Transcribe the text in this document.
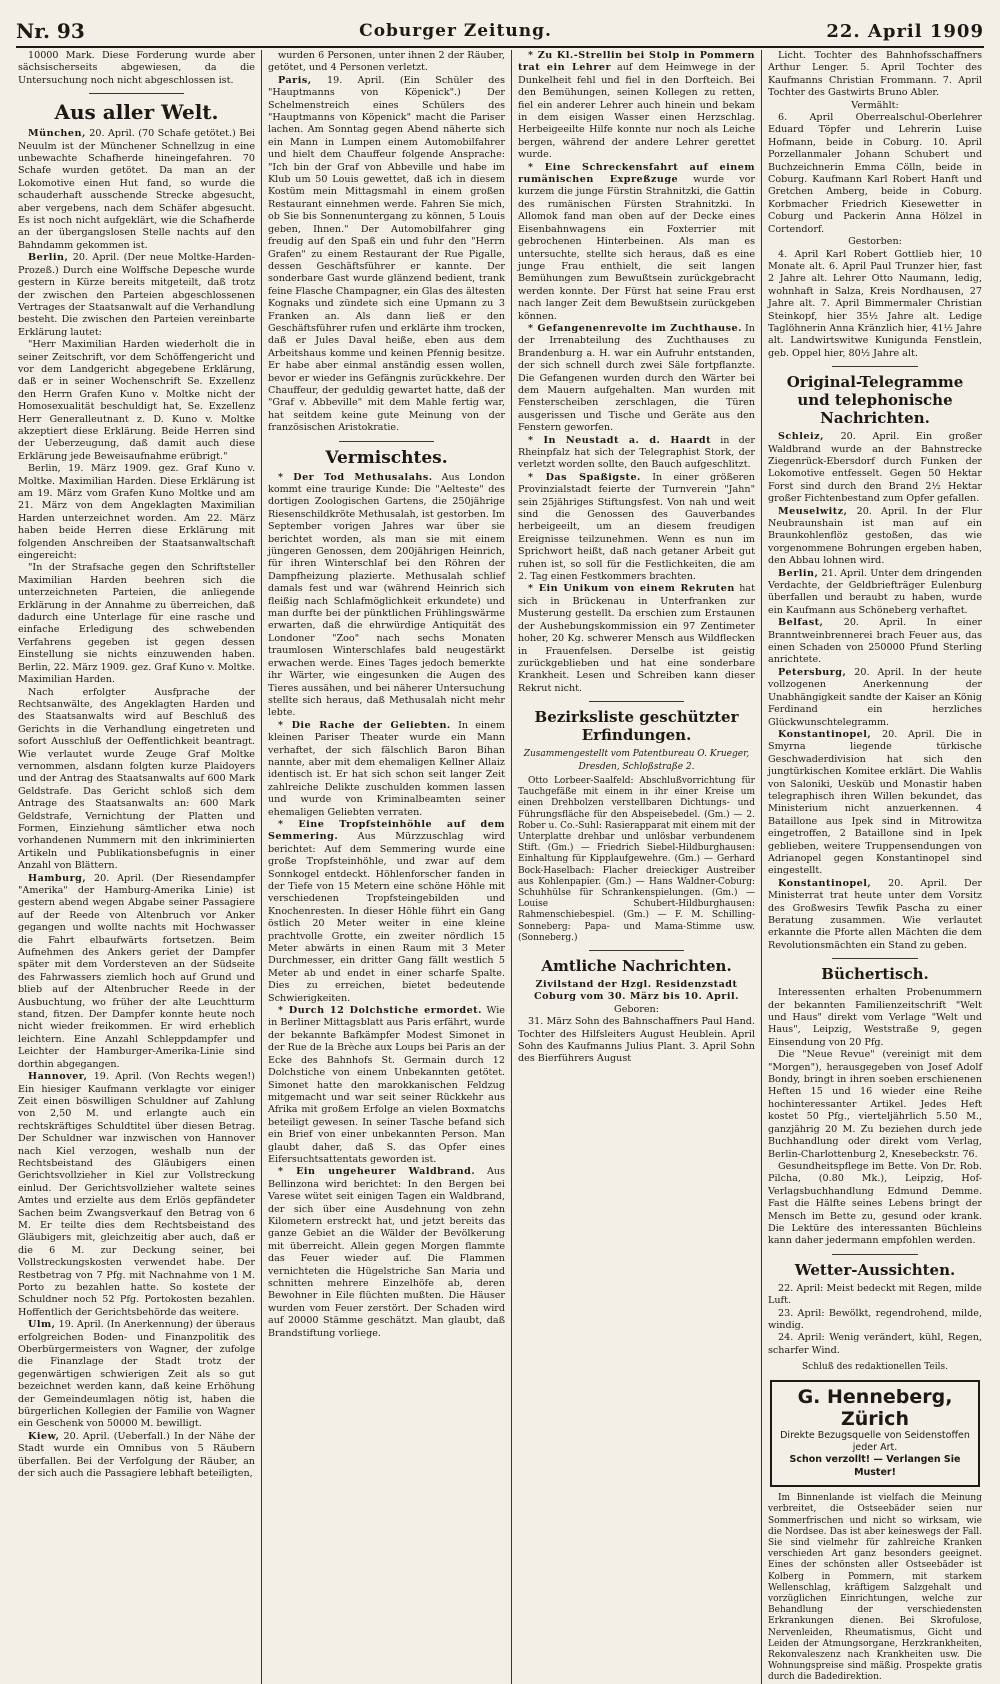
Nr. 93	Coburger Zeitung.	22. April 1909

10000 Mark. Diese Forderung wurde aber sächsischerseits abgewiesen, da die Untersuchung noch nicht abgeschlossen ist.

Aus aller Welt.

München, 20. April. (70 Schafe getötet.) Bei Neuulm ist der Münchener Schnellzug in eine unbewachte Schafherde hineingefahren. 70 Schafe wurden getötet. Da man an der Lokomotive einen Hut fand, so wurde die schauderhaft ausschende Strecke abgesucht, aber vergebens, nach dem Schäfer abgesucht. Es ist noch nicht aufgeklärt, wie die Schafherde an der übergangslosen Stelle nachts auf den Bahndamm gekommen ist.

Berlin, 20. April. (Der neue Moltke-Harden-Prozeß.) Durch eine Wolffsche Depesche wurde gestern in Kürze bereits mitgeteilt, daß trotz der zwischen den Parteien abgeschlossenen Vertrages der Staatsanwalt auf die Verhandlung besteht. Die zwischen den Parteien vereinbarte Erklärung lautet:

"Herr Maximilian Harden wiederholt die in seiner Zeitschrift, vor dem Schöffengericht und vor dem Landgericht abgegebene Erklärung, daß er in seiner Wochenschrift Se. Exzellenz den Herrn Grafen Kuno v. Moltke nicht der Homosexualität beschuldigt hat, Se. Exzellenz Herr Generalleutnant z. D. Kuno v. Moltke akzeptiert diese Erklärung. Beide Herren sind der Ueberzeugung, daß damit auch diese Erklärung jede Beweisaufnahme erübrigt."

Berlin, 19. März 1909. gez. Graf Kuno v. Moltke. Maximilian Harden. Diese Erklärung ist am 19. März vom Grafen Kuno Moltke und am 21. März von dem Angeklagten Maximilian Harden unterzeichnet worden. Am 22. März haben beide Herren diese Erklärung mit folgenden Anschreiben der Staatsanwaltschaft eingereicht:

"In der Strafsache gegen den Schriftsteller Maximilian Harden beehren sich die unterzeichneten Parteien, die anliegende Erklärung in der Annahme zu überreichen, daß dadurch eine Unterlage für eine rasche und einfache Erledigung des schwebenden Verfahrens gegeben ist gegen dessen Einstellung sie nichts einzuwenden haben. Berlin, 22. März 1909. gez. Graf Kuno v. Moltke. Maximilian Harden.

Nach erfolgter Ausfprache der Rechtsanwälte, des Angeklagten Harden und des Staatsanwalts wird auf Beschluß des Gerichts in die Verhandlung eingetreten und sofort Ausschluß der Oeffentlichkeit beantragt. Wie verlautet wurde Zeuge Graf Moltke vernommen, alsdann folgten kurze Plaidoyers und der Antrag des Staatsanwalts auf 600 Mark Geldstrafe. Das Gericht schloß sich dem Antrage des Staatsanwalts an: 600 Mark Geldstrafe, Vernichtung der Platten und Formen, Einziehung sämtlicher etwa noch vorhandenen Nummern mit den inkriminierten Artikeln und Publikationsbefugnis in einer Anzahl von Blättern.

Hamburg, 20. April. (Der Riesendampfer "Amerika" der Hamburg-Amerika Linie) ist gestern abend wegen Abgabe seiner Passagiere auf der Reede von Altenbruch vor Anker gegangen und wollte nachts mit Hochwasser die Fahrt elbaufwärts fortsetzen. Beim Aufnehmen des Ankers geriet der Dampfer später mit dem Vordersteven an der Südseite des Fahrwassers ziemlich hoch auf Grund und blieb auf der Altenbrucher Reede in der Ausbuchtung, wo früher der alte Leuchtturm stand, fitzen. Der Dampfer konnte heute noch nicht wieder freikommen. Er wird erheblich leichtern. Eine Anzahl Schleppdampfer und Leichter der Hamburger-Amerika-Linie sind dorthin abgegangen.

Hannover, 19. April. (Von Rechts wegen!) Ein hiesiger Kaufmann verklagte vor einiger Zeit einen böswilligen Schuldner auf Zahlung von 2,50 M. und erlangte auch ein rechtskräftiges Schuldtitel über diesen Betrag. Der Schuldner war inzwischen von Hannover nach Kiel verzogen, weshalb nun der Rechtsbeistand des Gläubigers einen Gerichtsvollzieher in Kiel zur Vollstreckung einlud. Der Gerichtsvollzieher waltete seines Amtes und erzielte aus dem Erlös gepfändeter Sachen beim Zwangsverkauf den Betrag von 6 M. Er teilte dies dem Rechtsbeistand des Gläubigers mit, gleichzeitig aber auch, daß er die 6 M. zur Deckung seiner, bei Vollstreckungskosten verwendet habe. Der Restbetrag von 7 Pfg. mit Nachnahme von 1 M. Porto zu bezahlen hatte. So kostete der Schuldner noch 52 Pfg. Portokosten bezahlen. Hoffentlich der Gerichtsbehörde das weitere.

Ulm, 19. April. (In Anerkennung) der überaus erfolgreichen Boden- und Finanzpolitik des Oberbürgermeisters von Wagner, der zufolge die Finanzlage der Stadt trotz der gegenwärtigen schwierigen Zeit als so gut bezeichnet werden kann, daß keine Erhöhung der Gemeindeumlagen nötig ist, haben die bürgerlichen Kollegien der Familie von Wagner ein Geschenk von 50000 M. bewilligt.

Kiew, 20. April. (Ueberfall.) In der Nähe der Stadt wurde ein Omnibus von 5 Räubern überfallen. Bei der Verfolgung der Räuber, an der sich auch die Passagiere lebhaft beteiligten,

wurden 6 Personen, unter ihnen 2 der Räuber, getötet, und 4 Personen verletzt.

Paris, 19. April. (Ein Schüler des "Hauptmanns von Köpenick".) Der Schelmenstreich eines Schülers des "Hauptmanns von Köpenick" macht die Pariser lachen. Am Sonntag gegen Abend näherte sich ein Mann in Lumpen einem Automobilfahrer und hielt dem Chauffeur folgende Ansprache: "Ich bin der Graf von Abbeville und habe im Klub um 50 Louis gewettet, daß ich in diesem Kostüm mein Mittagsmahl in einem großen Restaurant einnehmen werde. Fahren Sie mich, ob Sie bis Sonnenuntergang zu können, 5 Louis geben, Ihnen." Der Automobilfahrer ging freudig auf den Spaß ein und fuhr den "Herrn Grafen" zu einem Restaurant der Rue Pigalle, dessen Geschäftsführer er kannte. Der sonderbare Gast wurde glänzend bedient, trank feine Flasche Champagner, ein Glas des ältesten Kognaks und zündete sich eine Upmann zu 3 Franken an. Als dann ließ er den Geschäftsführer rufen und erklärte ihm trocken, daß er Jules Daval heiße, eben aus dem Arbeitshaus komme und keinen Pfennig besitze. Er habe aber einmal anständig essen wollen, bevor er wieder ins Gefängnis zurückkehre. Der Chauffeur, der geduldig gewartet hatte, daß der "Graf v. Abbeville" mit dem Mahle fertig war, hat seitdem keine gute Meinung von der französischen Aristokratie.

Vermischtes.

* Der Tod Methusalahs. Aus London kommt eine traurige Kunde: Die "Aelteste" des dortigen Zoologischen Gartens, die 250jährige Riesenschildkröte Methusalah, ist gestorben. Im September vorigen Jahres war über sie berichtet worden, als man sie mit einem jüngeren Genossen, dem 200jährigen Heinrich, für ihren Winterschlaf bei den Röhren der Dampfheizung plazierte. Methusalah schlief damals fest und war (während Heinrich sich fleißig nach Schlafmöglichkeit erkundete) und man durfte bei der pünktlichen Frühlingswärme erwarten, daß die ehrwürdige Antiquität des Londoner "Zoo" nach sechs Monaten traumlosen Winterschlafes bald neugestärkt erwachen werde. Eines Tages jedoch bemerkte ihr Wärter, wie eingesunken die Augen des Tieres aussähen, und bei näherer Untersuchung stellte sich heraus, daß Methusalah nicht mehr lebte.

* Die Rache der Geliebten. In einem kleinen Pariser Theater wurde ein Mann verhaftet, der sich fälschlich Baron Bihan nannte, aber mit dem ehemaligen Kellner Allaiz identisch ist. Er hat sich schon seit langer Zeit zahlreiche Delikte zuschulden kommen lassen und wurde von Kriminalbeamten seiner ehemaligen Geliebten verraten.

* Eine Tropfsteinhöhle auf dem Semmering. Aus Mürzzuschlag wird berichtet: Auf dem Semmering wurde eine große Tropfsteinhöhle, und zwar auf dem Sonnkogel entdeckt. Höhlenforscher fanden in der Tiefe von 15 Metern eine schöne Höhle mit verschiedenen Tropfsteingebilden und Knochenresten. In dieser Höhle führt ein Gang östlich 20 Meter weiter in eine kleine prachtvolle Grotte, ein zweiter nördlich 15 Meter abwärts in einen Raum mit 3 Meter Durchmesser, ein dritter Gang fällt westlich 5 Meter ab und endet in einer scharfe Spalte. Dies zu erreichen, bietet bedeutende Schwierigkeiten.

* Durch 12 Dolchstiche ermordet. Wie in Berliner Mittagsblatt aus Paris erfährt, wurde der bekannte Bafkämpfer Modest Simonet in der Rue de la Brèche aux Loups bei Paris an der Ecke des Bahnhofs St. Germain durch 12 Dolchstiche von einem Unbekannten getötet. Simonet hatte den marokkanischen Feldzug mitgemacht und war seit seiner Rückkehr aus Afrika mit großem Erfolge an vielen Boxmatchs beteiligt gewesen. In seiner Tasche befand sich ein Brief von einer unbekannten Person. Man glaubt daher, daß S. das Opfer eines Eifersuchtsattentats geworden ist.

* Ein ungeheurer Waldbrand. Aus Bellinzona wird berichtet: In den Bergen bei Varese wütet seit einigen Tagen ein Waldbrand, der sich über eine Ausdehnung von zehn Kilometern erstreckt hat, und jetzt bereits das ganze Gebiet an die Wälder der Bevölkerung mit überreicht. Allein gegen Morgen flammte das Feuer wieder auf. Die Flammen vernichteten die Hügelstriche San Maria und schnitten mehrere Einzelhöfe ab, deren Bewohner in Eile flüchten mußten. Die Häuser wurden vom Feuer zerstört. Der Schaden wird auf 20000 Stämme geschätzt. Man glaubt, daß Brandstiftung vorliege.

* Zu Kl.-Strellin bei Stolp in Pommern trat ein Lehrer auf dem Heimwege in der Dunkelheit fehl und fiel in den Dorfteich. Bei den Bemühungen, seinen Kollegen zu retten, fiel ein anderer Lehrer auch hinein und bekam in dem eisigen Wasser einen Herzschlag. Herbeigeeilte Hilfe konnte nur noch als Leiche bergen, während der andere Lehrer gerettet wurde.

* Eine Schreckensfahrt auf einem rumänischen Expreßzuge wurde vor kurzem die junge Fürstin Strahnitzki, die Gattin des rumänischen Fürsten Strahnitzki. In Allomok fand man oben auf der Decke eines Eisenbahnwagens ein Foxterrier mit gebrochenen Hinterbeinen. Als man es untersuchte, stellte sich heraus, daß es eine junge Frau enthielt, die seit langen Bemühungen zum Bewußtsein zurückgebracht werden konnte. Der Fürst hat seine Frau erst nach langer Zeit dem Bewußtsein zurückgeben können.

* Gefangenenrevolte im Zuchthause. In der Irrenabteilung des Zuchthauses zu Brandenburg a. H. war ein Aufruhr entstanden, der sich schnell durch zwei Säle fortpflanzte. Die Gefangenen wurden durch den Wärter bei dem Mauern aufgehalten. Man wurden mit Fensterscheiben zerschlagen, die Türen ausgerissen und Tische und Geräte aus den Fenstern geworfen.

* In Neustadt a. d. Haardt in der Rheinpfalz hat sich der Telegraphist Stork, der verletzt worden sollte, den Bauch aufgeschlitzt.

* Das Spaßigste. In einer größeren Provinzialstadt feierte der Turnverein "Jahn" sein 25jähriges Stiftungsfest. Von nah und weit sind die Genossen des Gauverbandes herbeigeeilt, um an diesem freudigen Ereignisse teilzunehmen. Wenn es nun im Sprichwort heißt, daß nach getaner Arbeit gut ruhen ist, so soll für die Festlichkeiten, die am 2. Tag einen Festkommers brachten.

* Ein Unikum von einem Rekruten hat sich in Brückenau in Unterfranken zur Musterung gestellt. Da erschien zum Erstaunen der Aushebungskommission ein 97 Zentimeter hoher, 20 Kg. schwerer Mensch aus Wildflecken in Frauenfelsen. Derselbe ist geistig zurückgeblieben und hat eine sonderbare Krankheit. Lesen und Schreiben kann dieser Rekrut nicht.

Bezirksliste geschützter Erfindungen.
Zusammengestellt vom Patentbureau O. Krueger, Dresden, Schloßstraße 2.

Otto Lorbeer-Saalfeld: Abschlußvorrichtung für Tauchgefäße mit einem in ihr einer Kreise um einen Drehbolzen verstellbaren Dichtungs- und Führungsfläche für den Abspeisebedel. (Gm.) — 2. Rober u. Co.-Suhl: Rasierapparat mit einem mit der Unterplatte drehbar und unlösbar verbundenem Stift. (Gm.) — Friedrich Siebel-Hildburghausen: Einhaltung für Kipplaufgewehre. (Gm.) — Gerhard Bock-Haselbach: Flacher dreieckiger Austreiber aus Kohlenpapier. (Gm.) — Hans Waldner-Coburg: Schuhhülse für Schrankenspielungen. (Gm.) — Louise Schubert-Hildburghausen: Rahmenschiebespiel. (Gm.) — F. M. Schilling-Sonneberg: Papa- und Mama-Stimme usw. (Sonneberg.)

Amtliche Nachrichten.

Zivilstand der Hzgl. Residenzstadt Coburg vom 30. März bis 10. April.

Geboren:

31. März Sohn des Bahnschaffners Paul Hand. Tochter des Hilfsleiters August Heublein. April Sohn des Kaufmanns Julius Plant. 3. April Sohn des Bierführers August

Licht. Tochter des Bahnhofsschaffners Arthur Lenger. 5. April Tochter des Kaufmanns Christian Frommann. 7. April Tochter des Gastwirts Bruno Abler.

Vermählt:

6. April Oberrealschul-Oberlehrer Eduard Töpfer und Lehrerin Luise Hofmann, beide in Coburg. 10. April Porzellanmaler Johann Schubert und Buchzeichnerin Emma Cölln, beide in Coburg. Kaufmann Karl Robert Hanft und Gretchen Amberg, beide in Coburg. Korbmacher Friedrich Kiesewetter in Coburg und Packerin Anna Hölzel in Cortendorf.

Gestorben:

4. April Karl Robert Gottlieb hier, 10 Monate alt. 6. April Paul Trunzer hier, fast 2 Jahre alt. Lehrer Otto Naumann, ledig, wohnhaft in Salza, Kreis Nordhausen, 27 Jahre alt. 7. April Bimmermaler Christian Steinkopf, hier 35½ Jahre alt. Ledige Taglöhnerin Anna Kränzlich hier, 41½ Jahre alt. Landwirtswitwe Kunigunda Fenstlein, geb. Oppel hier, 80½ Jahre alt.

Original-Telegramme und telephonische Nachrichten.

Schleiz, 20. April. Ein großer Waldbrand wurde an der Bahnstrecke Ziegenrück-Ebersdorf durch Funken der Lokomotive entfesselt. Gegen 50 Hektar Forst sind durch den Brand 2½ Hektar großer Fichtenbestand zum Opfer gefallen.

Meuselwitz, 20. April. In der Flur Neubraunshain ist man auf ein Braunkohlenflöz gestoßen, das wie vorgenommene Bohrungen ergeben haben, den Abbau lohnen wird.

Berlin, 21. April. Unter dem dringenden Verdachte, der Geldbriefträger Eulenburg überfallen und beraubt zu haben, wurde ein Kaufmann aus Schöneberg verhaftet.

Belfast, 20. April. In einer Branntweinbrennerei brach Feuer aus, das einen Schaden von 250000 Pfund Sterling anrichtete.

Petersburg, 20. April. In der heute vollzogenen Anerkennung der Unabhängigkeit sandte der Kaiser an König Ferdinand ein herzliches Glückwunschtelegramm.

Konstantinopel, 20. April. Die in Smyrna liegende türkische Geschwaderdivision hat sich den jungtürkischen Komitee erklärt. Die Wahlis von Saloniki, Uesküb und Monastir haben telegraphisch ihren Willen bekundet, das Ministerium nicht anzuerkennen. 4 Bataillone aus Ipek sind in Mitrowitza eingetroffen, 2 Bataillone sind in Ipek geblieben, weitere Truppensendungen von Adrianopel gegen Konstantinopel sind eingestellt.

Konstantinopel, 20. April. Der Ministerrat trat heute unter dem Vorsitz des Großwesirs Tewfik Pascha zu einer Beratung zusammen. Wie verlautet erkannte die Pforte allen Mächten die dem Revolutionsmächten ein Stand zu geben.

Büchertisch.

Interessenten erhalten Probenummern der bekannten Familienzeitschrift "Welt und Haus" direkt vom Verlage "Welt und Haus", Leipzig, Weststraße 9, gegen Einsendung von 20 Pfg.

Die "Neue Revue" (vereinigt mit dem "Morgen"), herausgegeben von Josef Adolf Bondy, bringt in ihren soeben erschienenen Heften 15 und 16 wieder eine Reihe hochinteressanter Artikel. Jedes Heft kostet 50 Pfg., vierteljährlich 5.50 M., ganzjährig 20 M. Zu beziehen durch jede Buchhandlung oder direkt vom Verlag, Berlin-Charlottenburg 2, Knesebeckstr. 76.

Gesundheitspflege im Bette. Von Dr. Rob. Pilcha, (0.80 Mk.), Leipzig, Hof-Verlagsbuchhandlung Edmund Demme. Fast die Hälfte seines Lebens bringt der Mensch im Bette zu, gesund oder krank. Die Lektüre des interessanten Büchleins kann daher jedermann empfohlen werden.

Wetter-Aussichten.

22. April: Meist bedeckt mit Regen, milde Luft.

23. April: Bewölkt, regendrohend, milde, windig.

24. April: Wenig verändert, kühl, Regen, scharfer Wind.

Schluß des redaktionellen Teils.
G. Henneberg, Zürich
Direkte Bezugsquelle von Seidenstoffen jeder Art.
Schon verzollt! — Verlangen Sie Muster!

Im Binnenlande ist vielfach die Meinung verbreitet, die Ostseebäder seien nur Sommerfrischen und nicht so wirksam, wie die Nordsee. Das ist aber keineswegs der Fall. Sie sind vielmehr für zahlreiche Kranken verschieden Art ganz besonders geeignet. Eines der schönsten aller Ostseebäder ist Kolberg in Pommern, mit starkem Wellenschlag, kräftigem Salzgehalt und vorzüglichen Einrichtungen, welche zur Behandlung der verschiedensten Erkrankungen dienen. Bei Skrofulose, Nervenleiden, Rheumatismus, Gicht und Leiden der Atmungsorgane, Herzkrankheiten, Rekonvaleszenz nach Krankheiten usw. Die Wohnungspreise sind mäßig. Prospekte gratis durch die Badedirektion.
